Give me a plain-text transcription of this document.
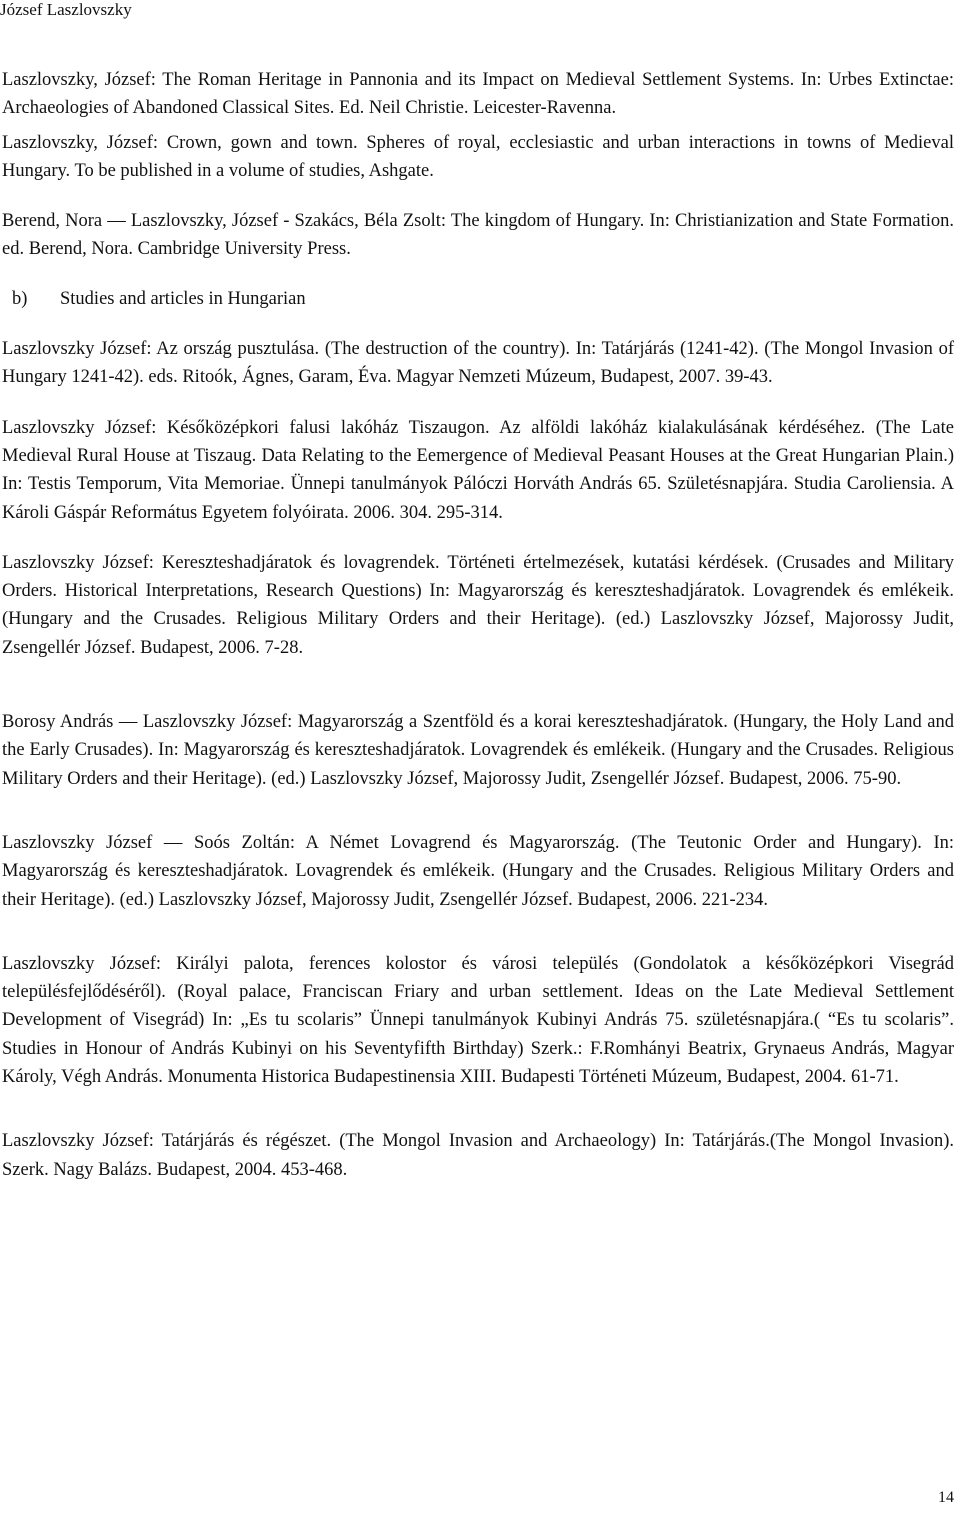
József Laszlovszky

Laszlovszky, József: The Roman Heritage in Pannonia and its Impact on Medieval Settlement Systems. In: Urbes Extinctae: Archaeologies of Abandoned Classical Sites. Ed. Neil Christie. Leicester-Ravenna.

Laszlovszky, József: Crown, gown and town. Spheres of royal, ecclesiastic and urban interactions in towns of Medieval Hungary. To be published in a volume of studies, Ashgate.

Berend, Nora ― Laszlovszky, József - Szakács, Béla Zsolt: The kingdom of Hungary. In: Christianization and State Formation. ed. Berend, Nora. Cambridge University Press.

b) Studies and articles in Hungarian

Laszlovszky József: Az ország pusztulása. (The destruction of the country). In: Tatárjárás (1241-42). (The Mongol Invasion of Hungary 1241-42). eds. Ritoók, Ágnes, Garam, Éva. Magyar Nemzeti Múzeum, Budapest, 2007. 39-43.

Laszlovszky József: Későközépkori falusi lakóház Tiszaugon. Az alföldi lakóház kialakulásának kérdéséhez. (The Late Medieval Rural House at Tiszaug. Data Relating to the Eemergence of Medieval Peasant Houses at the Great Hungarian Plain.) In: Testis Temporum, Vita Memoriae. Ünnepi tanulmányok Pálóczi Horváth András 65. Születésnapjára. Studia Caroliensia. A Károli Gáspár Református Egyetem folyóirata. 2006. 304. 295-314.

Laszlovszky József: Kereszteshadjáratok és lovagrendek. Történeti értelmezések, kutatási kérdések. (Crusades and Military Orders. Historical Interpretations, Research Questions) In: Magyarország és kereszteshadjáratok. Lovagrendek és emlékeik. (Hungary and the Crusades. Religious Military Orders and their Heritage). (ed.) Laszlovszky József, Majorossy Judit, Zsengellér József. Budapest, 2006. 7-28.

Borosy András ― Laszlovszky József: Magyarország a Szentföld és a korai kereszteshadjáratok. (Hungary, the Holy Land and the Early Crusades). In: Magyarország és kereszteshadjáratok. Lovagrendek és emlékeik. (Hungary and the Crusades. Religious Military Orders and their Heritage). (ed.) Laszlovszky József, Majorossy Judit, Zsengellér József. Budapest, 2006. 75-90.

Laszlovszky József ― Soós Zoltán: A Német Lovagrend és Magyarország. (The Teutonic Order and Hungary). In: Magyarország és kereszteshadjáratok. Lovagrendek és emlékeik. (Hungary and the Crusades. Religious Military Orders and their Heritage). (ed.) Laszlovszky József, Majorossy Judit, Zsengellér József. Budapest, 2006. 221-234.

Laszlovszky József: Királyi palota, ferences kolostor és városi település (Gondolatok a későközépkori Visegrád településfejlődéséről). (Royal palace, Franciscan Friary and urban settlement. Ideas on the Late Medieval Settlement Development of Visegrád) In: „Es tu scolaris” Ünnepi tanulmányok Kubinyi András 75. születésnapjára.( “Es tu scolaris”. Studies in Honour of András Kubinyi on his Seventyfifth Birthday) Szerk.: F.Romhányi Beatrix, Grynaeus András, Magyar Károly, Végh András. Monumenta Historica Budapestinensia XIII. Budapesti Történeti Múzeum, Budapest, 2004. 61-71.

Laszlovszky József: Tatárjárás és régészet. (The Mongol Invasion and Archaeology) In: Tatárjárás.(The Mongol Invasion). Szerk. Nagy Balázs. Budapest, 2004. 453-468.

14
